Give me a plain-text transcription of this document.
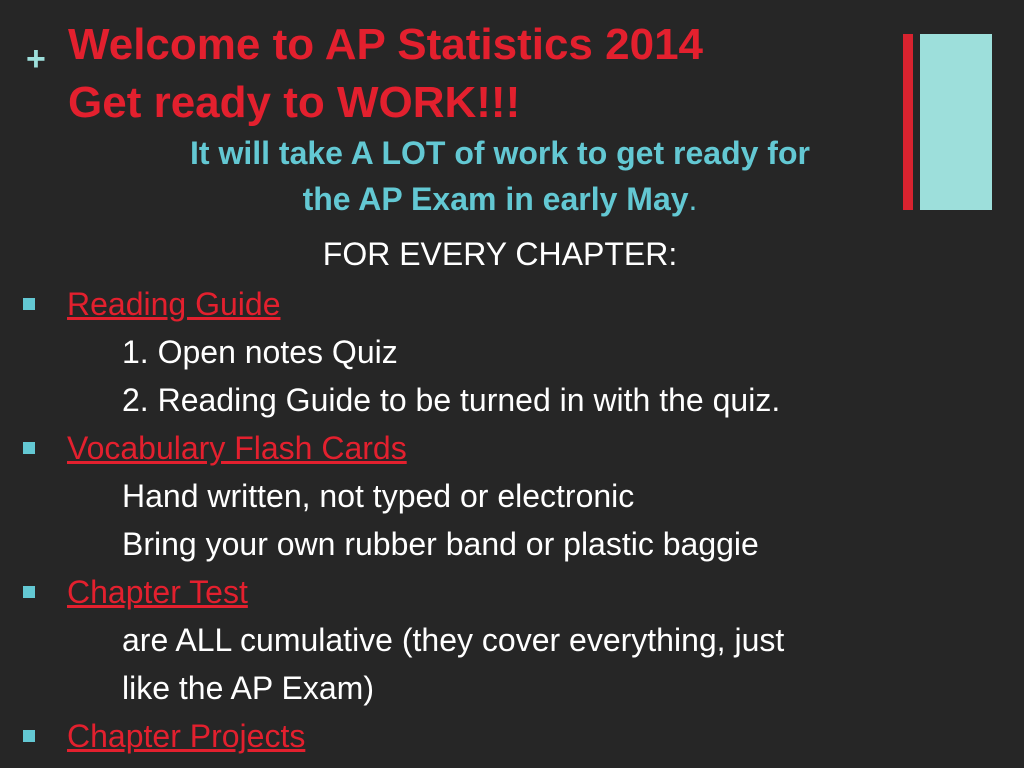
+ Welcome to AP Statistics 2014
Get ready to WORK!!!
It will take A LOT of work to get ready for
the AP Exam in early May.
FOR EVERY CHAPTER:
Reading Guide
1. Open notes Quiz
2. Reading Guide to be turned in with the quiz.
Vocabulary Flash Cards
Hand written, not typed or electronic
Bring your own rubber band or plastic baggie
Chapter Test
are ALL cumulative (they cover everything, just
like the AP Exam)
Chapter Projects
